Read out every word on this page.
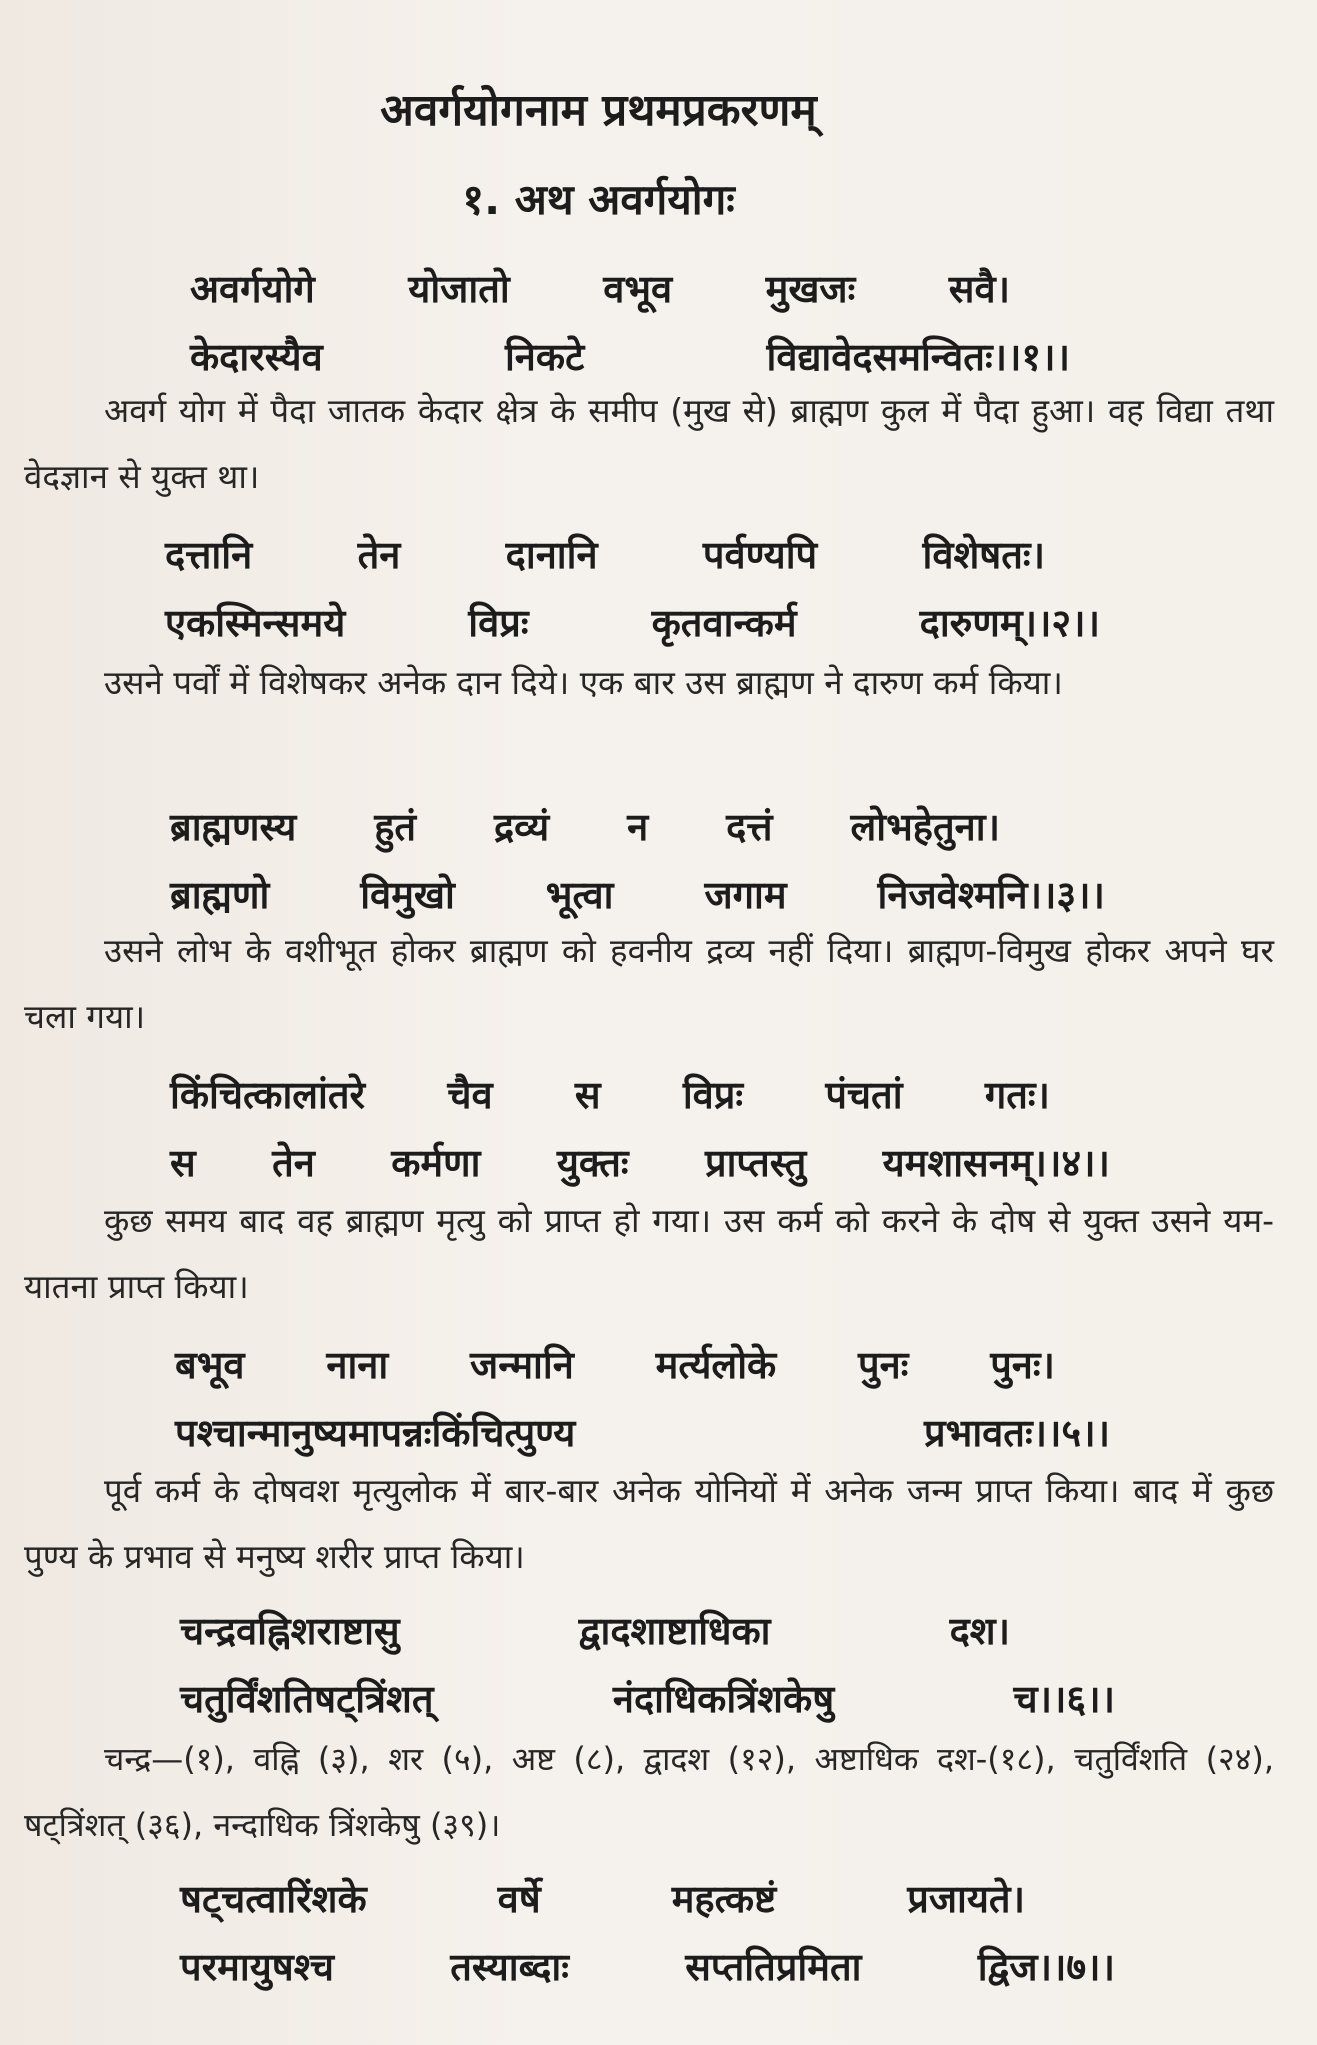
अवर्गयोगनाम प्रथमप्रकरणम्
१. अथ अवर्गयोगः
अवर्गयोगे योजातो वभूव मुखजः सवै।
केदारस्यैव	निकटे	विद्यावेदसमन्वितः।।१।।
अवर्ग योग में पैदा जातक केदार क्षेत्र के समीप (मुख से) ब्राह्मण कुल में पैदा हुआ। वह विद्या तथा वेदज्ञान से युक्त था।
दत्तानि	तेन	दानानि	पर्वण्यपि	विशेषतः।
एकस्मिन्समये	विप्रः	कृतवान्कर्म	दारुणम्।।२।।
उसने पर्वों में विशेषकर अनेक दान दिये। एक बार उस ब्राह्मण ने दारुण कर्म किया।
ब्राह्मणस्य हुतं द्रव्यं न दत्तं लोभहेतुना।
ब्राह्मणो विमुखो भूत्वा जगाम निजवेश्मनि।।३।।
उसने लोभ के वशीभूत होकर ब्राह्मण को हवनीय द्रव्य नहीं दिया। ब्राह्मण-विमुख होकर अपने घर चला गया।
किंचित्कालांतरे चैव स विप्रः पंचतां गतः।
स तेन कर्मणा युक्तः प्राप्तस्तु यमशासनम्।।४।।
कुछ समय बाद वह ब्राह्मण मृत्यु को प्राप्त हो गया। उस कर्म को करने के दोष से युक्त उसने यम-यातना प्राप्त किया।
बभूव नाना जन्मानि मर्त्यलोके पुनः पुनः।
पश्चान्मानुष्यमापन्नःकिंचित्पुण्य	प्रभावतः।।५।।
पूर्व कर्म के दोषवश मृत्युलोक में बार-बार अनेक योनियों में अनेक जन्म प्राप्त किया। बाद में कुछ पुण्य के प्रभाव से मनुष्य शरीर प्राप्त किया।
चन्द्रवह्निशराष्टासु	द्वादशाष्टाधिका	दश।
चतुर्विंशतिषट्त्रिंशत्	नंदाधिकत्रिंशकेषु	च।।६।।
चन्द्र—(१), वह्नि (३), शर (५), अष्ट (८), द्वादश (१२), अष्टाधिक दश-(१८), चतुर्विंशति (२४), षट्त्रिंशत् (३६), नन्दाधिक त्रिंशकेषु (३९)।
षट्चत्वारिंशके	वर्षे	महत्कष्टं	प्रजायते।
परमायुषश्च	तस्याब्दाः	सप्ततिप्रमिता	द्विज।।७।।
